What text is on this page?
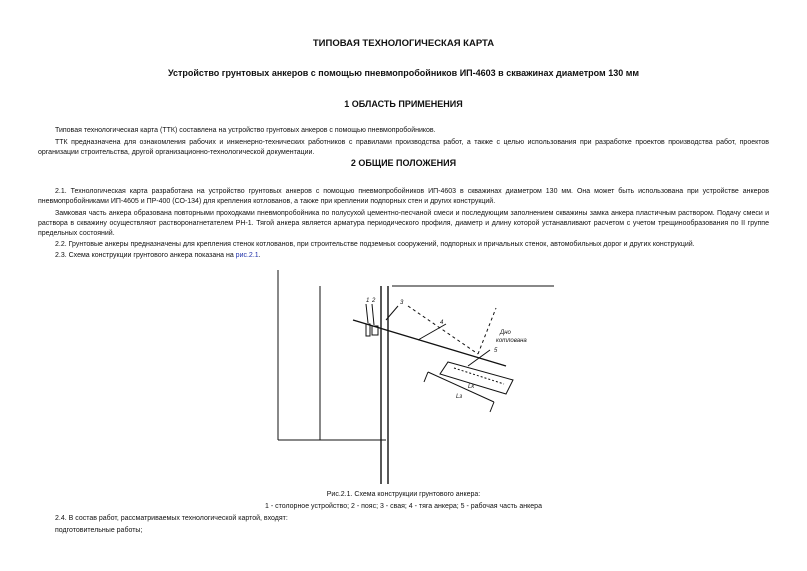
ТИПОВАЯ ТЕХНОЛОГИЧЕСКАЯ КАРТА
Устройство грунтовых анкеров с помощью пневмопробойников ИП-4603 в скважинах диаметром 130 мм
1 ОБЛАСТЬ ПРИМЕНЕНИЯ
Типовая технологическая карта (ТТК) составлена на устройство грунтовых анкеров с помощью пневмопробойников.
ТТК предназначена для ознакомления рабочих и инженерно-технических работников с правилами производства работ, а также с целью использования при разработке проектов производства работ, проектов организации строительства, другой организационно-технологической документации.
2 ОБЩИЕ ПОЛОЖЕНИЯ
2.1. Технологическая карта разработана на устройство грунтовых анкеров с помощью пневмопробойников ИП-4603 в скважинах диаметром 130 мм. Она может быть использована при устройстве анкеров пневмопробойниками ИП-4605 и ПР-400 (СО-134) для крепления котлованов, а также при креплении подпорных стен и других конструкций.
Замковая часть анкера образована повторными проходками пневмопробойника по полусухой цементно-песчаной смеси и последующим заполнением скважины замка анкера пластичным раствором. Подачу смеси и раствора в скважину осуществляют растворонагнетателем РН-1. Тягой анкера является арматура периодического профиля, диаметр и длину которой устанавливают расчетом с учетом трещинообразования по II группе предельных состояний.
2.2. Грунтовые анкеры предназначены для крепления стенок котлованов, при строительстве подземных сооружений, подпорных и причальных стенок, автомобильных дорог и других конструкций.
2.3. Схема конструкции грунтового анкера показана на рис.2.1.
1 2	3
4
5
Дно
котлована
Lк
Lз
Рис.2.1. Схема конструкции грунтового анкера:
1 - столорное устройство; 2 - пояс; 3 - свая; 4 - тяга анкера; 5 - рабочая часть анкера
2.4. В состав работ, рассматриваемых технологической картой, входят:
подготовительные работы;
